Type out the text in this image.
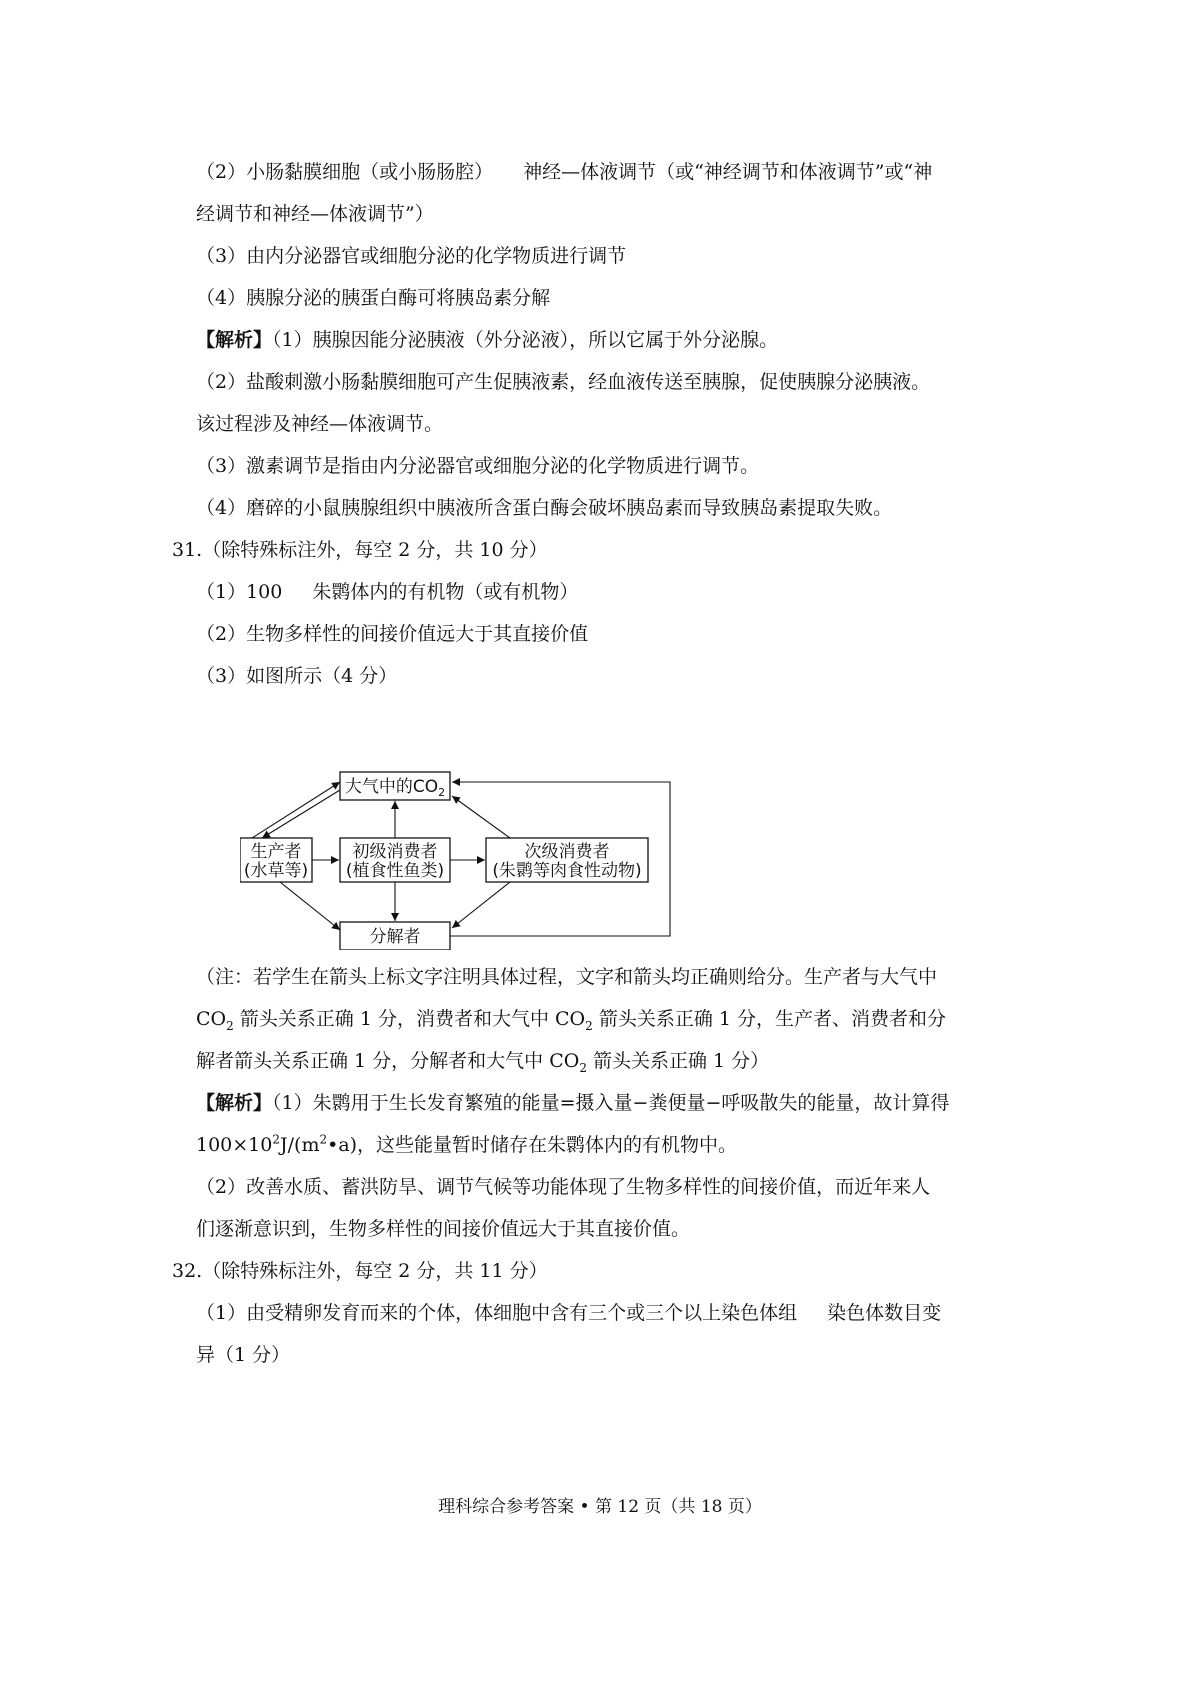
（2）小肠黏膜细胞（或小肠肠腔） 神经—体液调节（或“神经调节和体液调节”或“神
经调节和神经—体液调节”）
（3）由内分泌器官或细胞分泌的化学物质进行调节
（4）胰腺分泌的胰蛋白酶可将胰岛素分解
【解析】（1）胰腺因能分泌胰液（外分泌液），所以它属于外分泌腺。
（2）盐酸刺激小肠黏膜细胞可产生促胰液素，经血液传送至胰腺，促使胰腺分泌胰液。
该过程涉及神经—体液调节。
（3）激素调节是指由内分泌器官或细胞分泌的化学物质进行调节。
（4）磨碎的小鼠胰腺组织中胰液所含蛋白酶会破坏胰岛素而导致胰岛素提取失败。
31.（除特殊标注外，每空 2 分，共 10 分）
（1）100 朱鹮体内的有机物（或有机物）
（2）生物多样性的间接价值远大于其直接价值
（3）如图所示（4 分）
大气中的$CO_2$
生产者
(水草等)
初级消费者
(植食性鱼类)
次级消费者
(朱鹮等肉食性动物)
分解者
（注：若学生在箭头上标文字注明具体过程，文字和箭头均正确则给分。生产者与大气中
$CO_2$ 箭头关系正确 1 分，消费者和大气中 $CO_2$ 箭头关系正确 1 分，生产者、消费者和分
解者箭头关系正确 1 分，分解者和大气中 $CO_2$ 箭头关系正确 1 分）
【解析】（1）朱鹮用于生长发育繁殖的能量=摄入量−粪便量−呼吸散失的能量，故计算得
$100\times 10^2J/(m^2•a)$，这些能量暂时储存在朱鹮体内的有机物中。
（2）改善水质、蓄洪防旱、调节气候等功能体现了生物多样性的间接价值，而近年来人
们逐渐意识到，生物多样性的间接价值远大于其直接价值。
32.（除特殊标注外，每空 2 分，共 11 分）
（1）由受精卵发育而来的个体，体细胞中含有三个或三个以上染色体组 染色体数目变
异（1 分）
理科综合参考答案 • 第 12 页（共 18 页）
